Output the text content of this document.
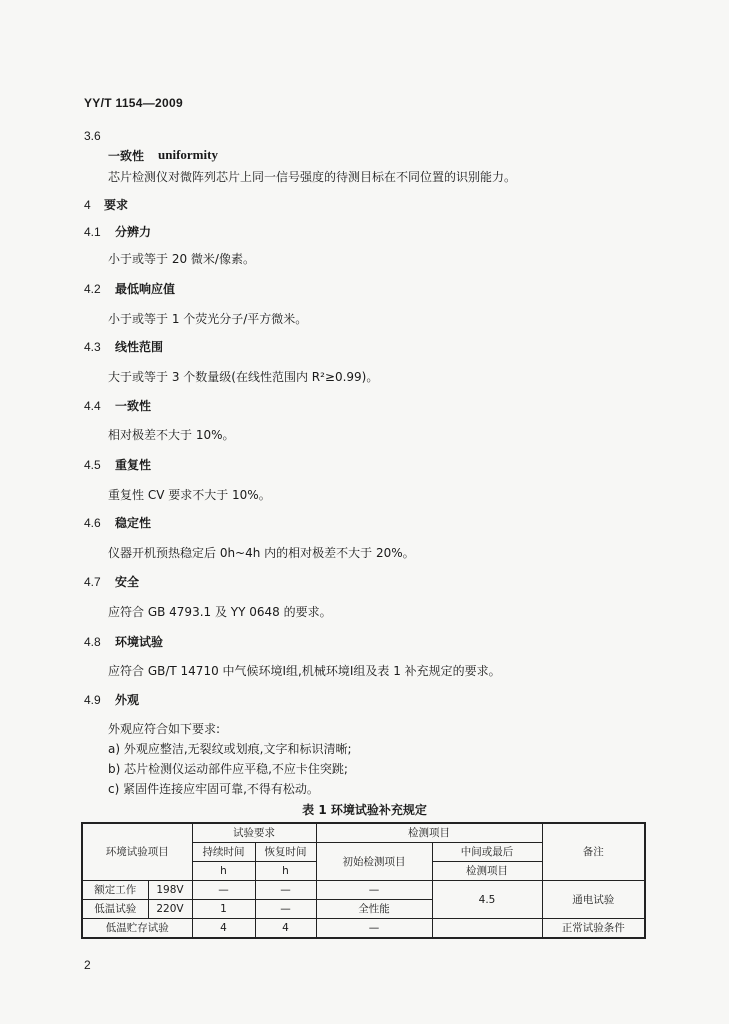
YY/T 1154—2009
3.6
一致性 uniformity
芯片检测仪对微阵列芯片上同一信号强度的待测目标在不同位置的识别能力。
4 要求
4.1 分辨力
小于或等于 20 微米/像素。
4.2 最低响应值
小于或等于 1 个荧光分子/平方微米。
4.3 线性范围
大于或等于 3 个数量级(在线性范围内 R²≥0.99)。
4.4 一致性
相对极差不大于 10%。
4.5 重复性
重复性 CV 要求不大于 10%。
4.6 稳定性
仪器开机预热稳定后 0h~4h 内的相对极差不大于 20%。
4.7 安全
应符合 GB 4793.1 及 YY 0648 的要求。
4.8 环境试验
应符合 GB/T 14710 中气候环境Ⅰ组,机械环境Ⅰ组及表 1 补充规定的要求。
4.9 外观
外观应符合如下要求:
a) 外观应整洁,无裂纹或划痕,文字和标识清晰;
b) 芯片检测仪运动部件应平稳,不应卡住突跳;
c) 紧固件连接应牢固可靠,不得有松动。
表 1 环境试验补充规定
环境试验项目		试验要求		检测项目		备注
		持续时间	恢复时间	初始检测项目	中间或最后	
		h	h		检测项目	
额定工作	198V	—	—	—	4.5	通电试验
低温试验	220V	1	—	全性能		
低温贮存试验		4	4	—		正常试验条件
2
